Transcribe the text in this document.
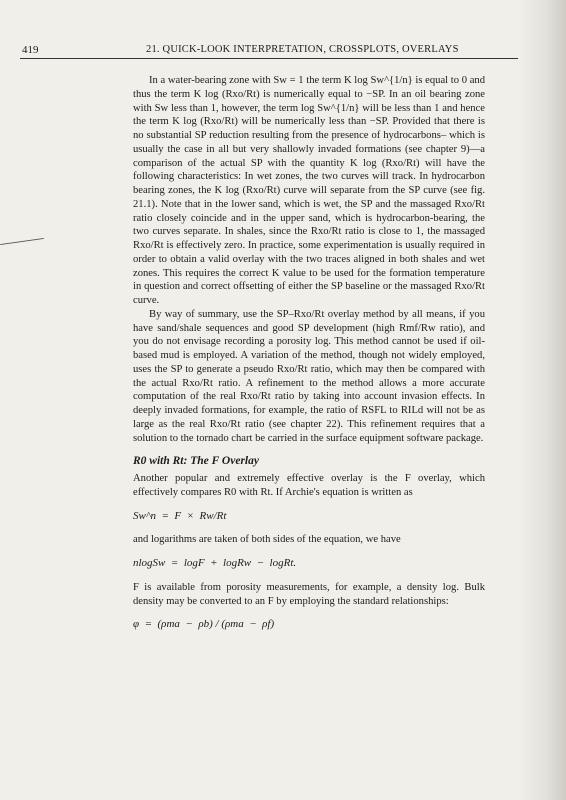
419	21. QUICK-LOOK INTERPRETATION, CROSSPLOTS, OVERLAYS

In a water-bearing zone with Sw = 1 the term K log Sw^{1/n} is equal to 0 and thus the term K log (Rxo/Rt) is numerically equal to −SP. In an oil bearing zone with Sw less than 1, however, the term log Sw^{1/n} will be less than 1 and hence the term K log (Rxo/Rt) will be numerically less than −SP. Provided that there is no substantial SP reduction resulting from the presence of hydrocarbons– which is usually the case in all but very shallowly invaded formations (see chapter 9)—a comparison of the actual SP with the quantity K log (Rxo/Rt) will have the following characteristics: In wet zones, the two curves will track. In hydrocarbon bearing zones, the K log (Rxo/Rt) curve will separate from the SP curve (see fig. 21.1). Note that in the lower sand, which is wet, the SP and the massaged Rxo/Rt ratio closely coincide and in the upper sand, which is hydrocarbon-bearing, the two curves separate. In shales, since the Rxo/Rt ratio is close to 1, the massaged Rxo/Rt is effectively zero. In practice, some experimentation is usually required in order to obtain a valid overlay with the two traces aligned in both shales and wet zones. This requires the correct K value to be used for the formation temperature in question and correct offsetting of either the SP baseline or the massaged Rxo/Rt curve.

By way of summary, use the SP–Rxo/Rt overlay method by all means, if you have sand/shale sequences and good SP development (high Rmf/Rw ratio), and you do not envisage recording a porosity log. This method cannot be used if oil-based mud is employed. A variation of the method, though not widely employed, uses the SP to generate a pseudo Rxo/Rt ratio, which may then be compared with the actual Rxo/Rt ratio. A refinement to the method allows a more accurate computation of the real Rxo/Rt ratio by taking into account invasion effects. In deeply invaded formations, for example, the ratio of RSFL to RILd will not be as large as the real Rxo/Rt ratio (see chapter 22). This refinement requires that a solution to the tornado chart be carried in the surface equipment software package.

R0 with Rt: The F Overlay

Another popular and extremely effective overlay is the F overlay, which effectively compares R0 with Rt. If Archie's equation is written as

Sw^n  =  F  ×  Rw/Rt

and logarithms are taken of both sides of the equation, we have

nlogSw  =  logF  +  logRw  −  logRt.

F is available from porosity measurements, for example, a density log. Bulk density may be converted to an F by employing the standard relationships:

φ  =  (ρma  −  ρb) / (ρma  −  ρf)
